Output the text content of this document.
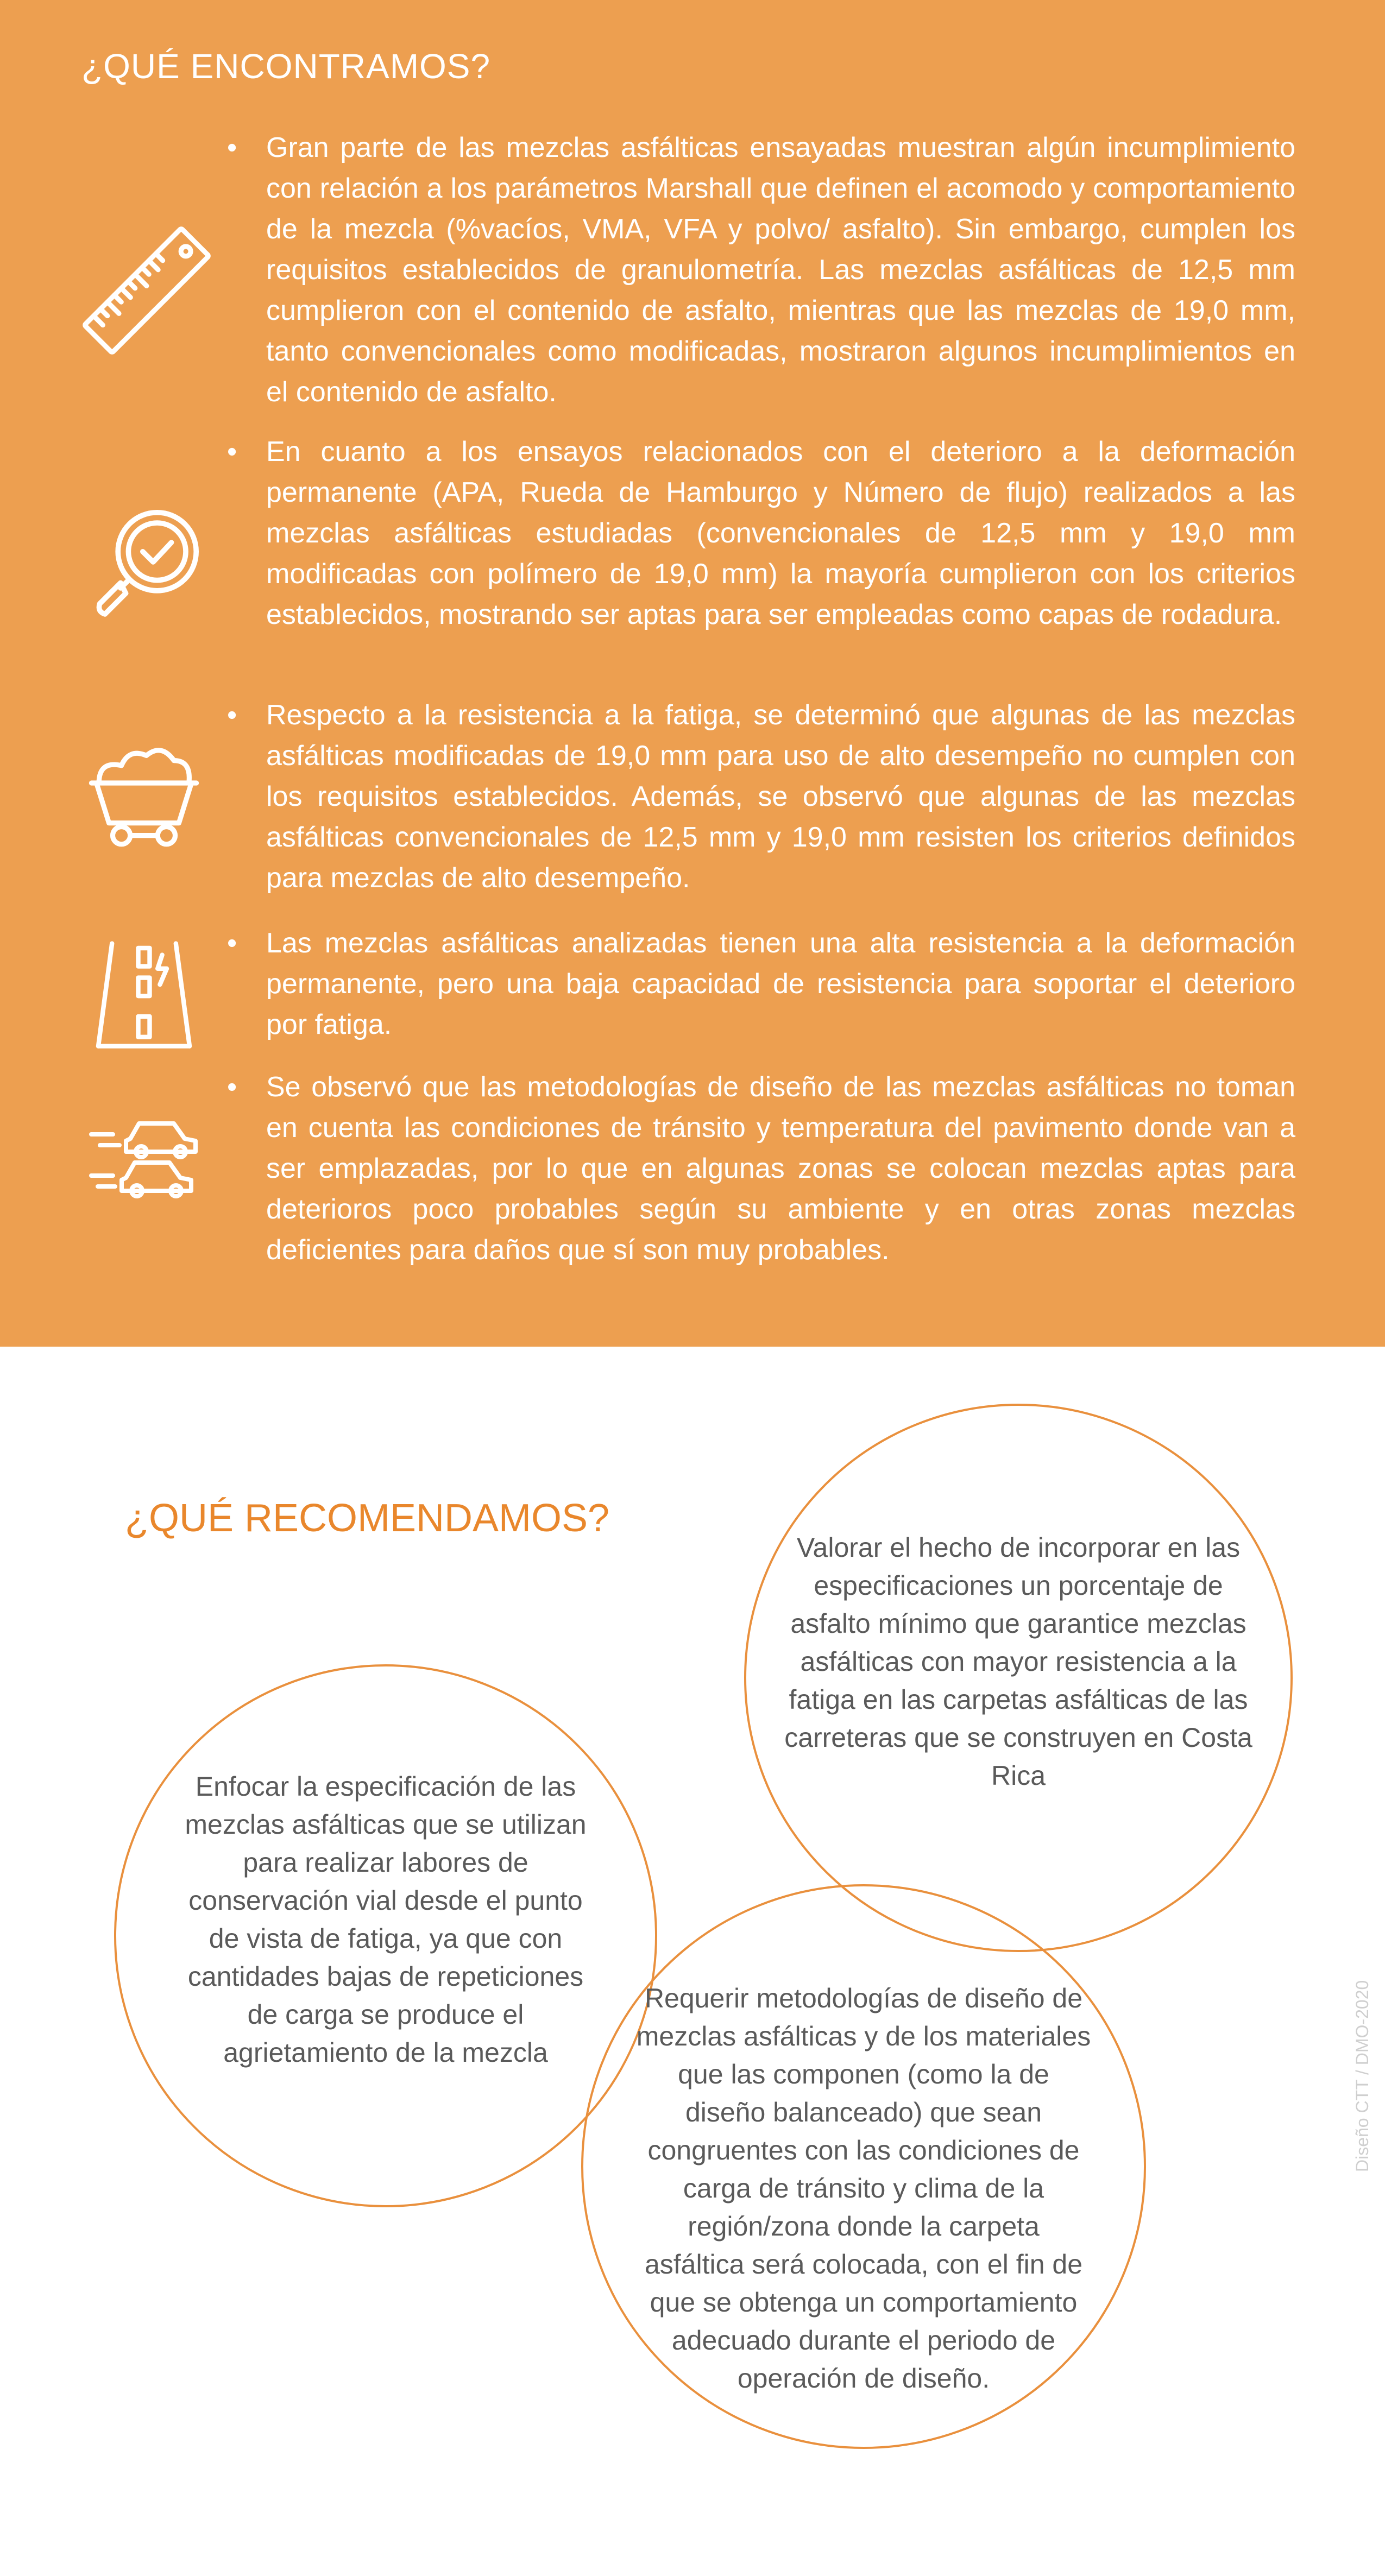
¿QUÉ ENCONTRAMOS?
• Gran parte de las mezclas asfálticas ensayadas muestran algún incumplimiento con relación a los parámetros Marshall que definen el acomodo y comportamiento de la mezcla (%vacíos, VMA, VFA y polvo/ asfalto). Sin embargo, cumplen los requisitos establecidos de granulometría. Las mezclas asfálticas de 12,5 mm cumplieron con el contenido de asfalto, mientras que las mezclas de 19,0 mm, tanto convencionales como modificadas, mostraron algunos incumplimientos en el contenido de asfalto.
• En cuanto a los ensayos relacionados con el deterioro a la deformación permanente (APA, Rueda de Hamburgo y Número de flujo) realizados a las mezclas asfálticas estudiadas (convencionales de 12,5 mm y 19,0 mm modificadas con polímero de 19,0 mm) la mayoría cumplieron con los criterios establecidos, mostrando ser aptas para ser empleadas como capas de rodadura.
• Respecto a la resistencia a la fatiga, se determinó que algunas de las mezclas asfálticas modificadas de 19,0 mm para uso de alto desempeño no cumplen con los requisitos establecidos. Además, se observó que algunas de las mezclas asfálticas convencionales de 12,5 mm y 19,0 mm resisten los criterios definidos para mezclas de alto desempeño.
• Las mezclas asfálticas analizadas tienen una alta resistencia a la deformación permanente, pero una baja capacidad de resistencia para soportar el deterioro por fatiga.
• Se observó que las metodologías de diseño de las mezclas asfálticas no toman en cuenta las condiciones de tránsito y temperatura del pavimento donde van a ser emplazadas, por lo que en algunas zonas se colocan mezclas aptas para deterioros poco probables según su ambiente y en otras zonas mezclas deficientes para daños que sí son muy probables.
¿QUÉ RECOMENDAMOS?
Valorar el hecho de incorporar en las especificaciones un porcentaje de asfalto mínimo que garantice mezclas asfálticas con mayor resistencia a la fatiga en las carpetas asfálticas de las carreteras que se construyen en Costa Rica
Enfocar la especificación de las mezclas asfálticas que se utilizan para realizar labores de conservación vial desde el punto de vista de fatiga, ya que con cantidades bajas de repeticiones de carga se produce el agrietamiento de la mezcla
Requerir metodologías de diseño de mezclas asfálticas y de los materiales que las componen (como la de diseño balanceado) que sean congruentes con las condiciones de carga de tránsito y clima de la región/zona donde la carpeta asfáltica será colocada, con el fin de que se obtenga un comportamiento adecuado durante el periodo de operación de diseño.
Diseño CTT / DMO-2020
